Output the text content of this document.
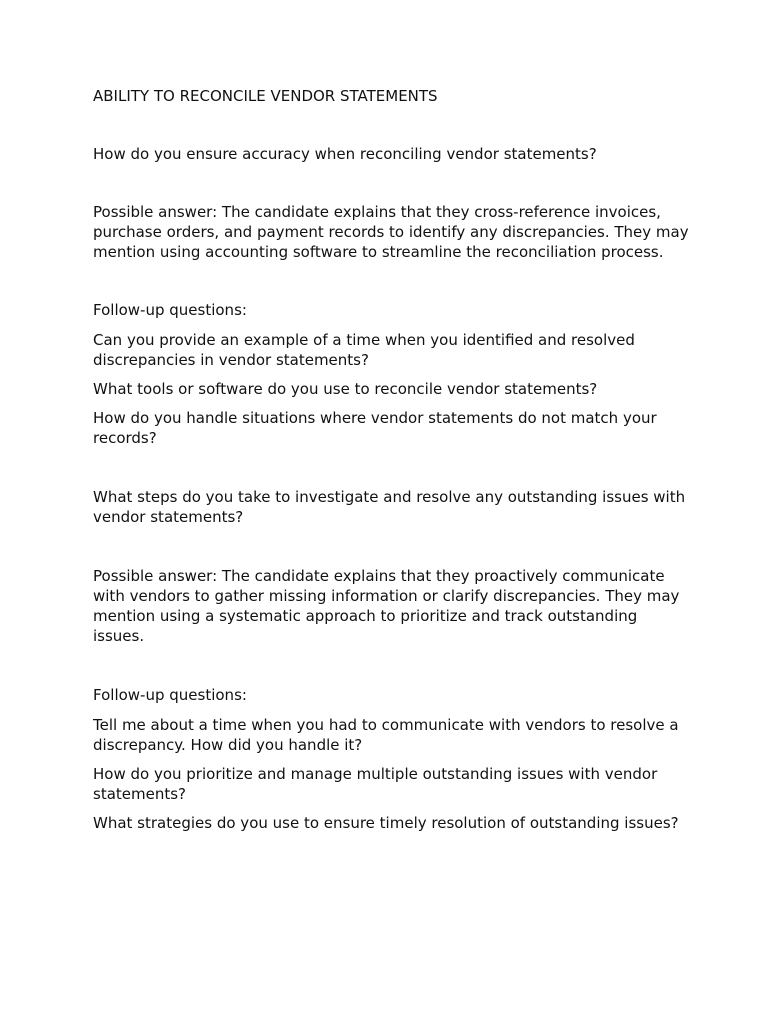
ABILITY TO RECONCILE VENDOR STATEMENTS

How do you ensure accuracy when reconciling vendor statements?

Possible answer: The candidate explains that they cross-reference invoices, purchase orders, and payment records to identify any discrepancies. They may mention using accounting software to streamline the reconciliation process.

Follow-up questions:

Can you provide an example of a time when you identified and resolved discrepancies in vendor statements?

What tools or software do you use to reconcile vendor statements?

How do you handle situations where vendor statements do not match your records?

What steps do you take to investigate and resolve any outstanding issues with vendor statements?

Possible answer: The candidate explains that they proactively communicate with vendors to gather missing information or clarify discrepancies. They may mention using a systematic approach to prioritize and track outstanding issues.

Follow-up questions:

Tell me about a time when you had to communicate with vendors to resolve a discrepancy. How did you handle it?

How do you prioritize and manage multiple outstanding issues with vendor statements?

What strategies do you use to ensure timely resolution of outstanding issues?
